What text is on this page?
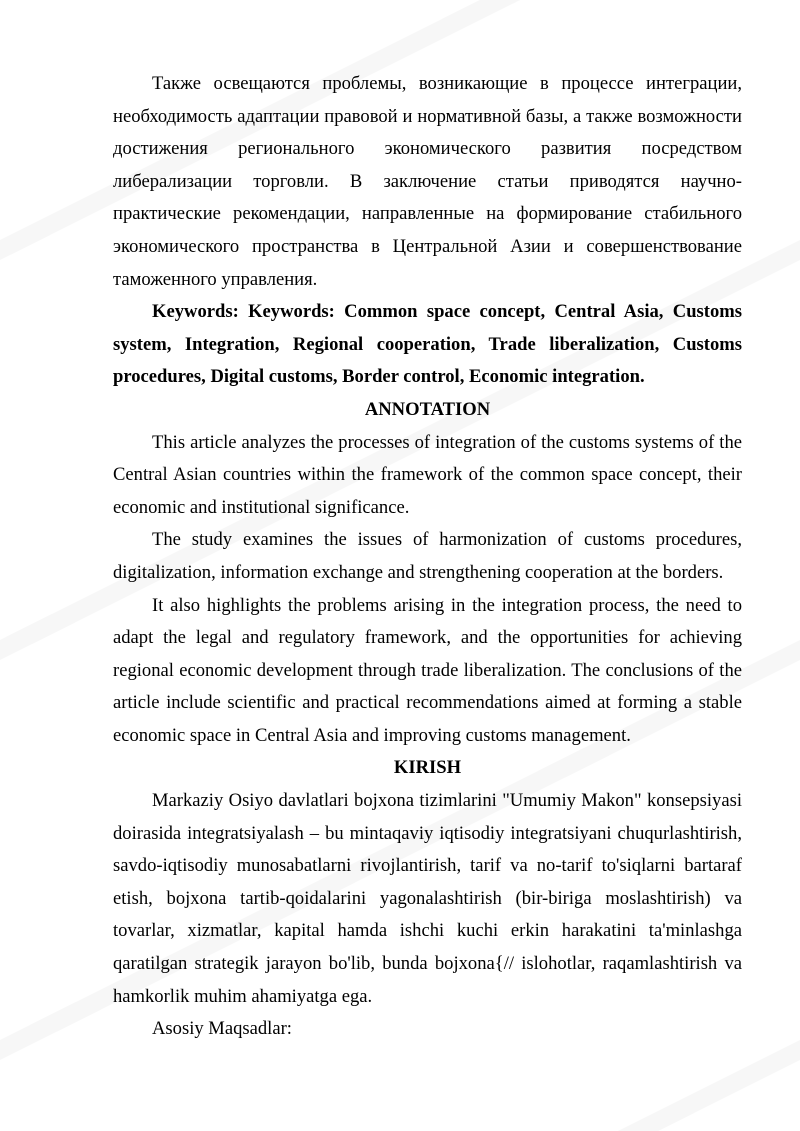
Также освещаются проблемы, возникающие в процессе интеграции, необходимость адаптации правовой и нормативной базы, а также возможности достижения регионального экономического развития посредством либерализации торговли. В заключение статьи приводятся научно-практические рекомендации, направленные на формирование стабильного экономического пространства в Центральной Азии и совершенствование таможенного управления.

Keywords: Keywords: Common space concept, Central Asia, Customs system, Integration, Regional cooperation, Trade liberalization, Customs procedures, Digital customs, Border control, Economic integration.

ANNOTATION

This article analyzes the processes of integration of the customs systems of the Central Asian countries within the framework of the common space concept, their economic and institutional significance.

The study examines the issues of harmonization of customs procedures, digitalization, information exchange and strengthening cooperation at the borders.

It also highlights the problems arising in the integration process, the need to adapt the legal and regulatory framework, and the opportunities for achieving regional economic development through trade liberalization. The conclusions of the article include scientific and practical recommendations aimed at forming a stable economic space in Central Asia and improving customs management.

KIRISH

Markaziy Osiyo davlatlari bojxona tizimlarini "Umumiy Makon" konsepsiyasi doirasida integratsiyalash – bu mintaqaviy iqtisodiy integratsiyani chuqurlashtirish, savdo-iqtisodiy munosabatlarni rivojlantirish, tarif va no-tarif to'siqlarni bartaraf etish, bojxona tartib-qoidalarini yagonalashtirish (bir-biriga moslashtirish) va tovarlar, xizmatlar, kapital hamda ishchi kuchi erkin harakatini ta'minlashga qaratilgan strategik jarayon bo'lib, bunda bojxona{// islohotlar, raqamlashtirish va hamkorlik muhim ahamiyatga ega.

Asosiy Maqsadlar:
